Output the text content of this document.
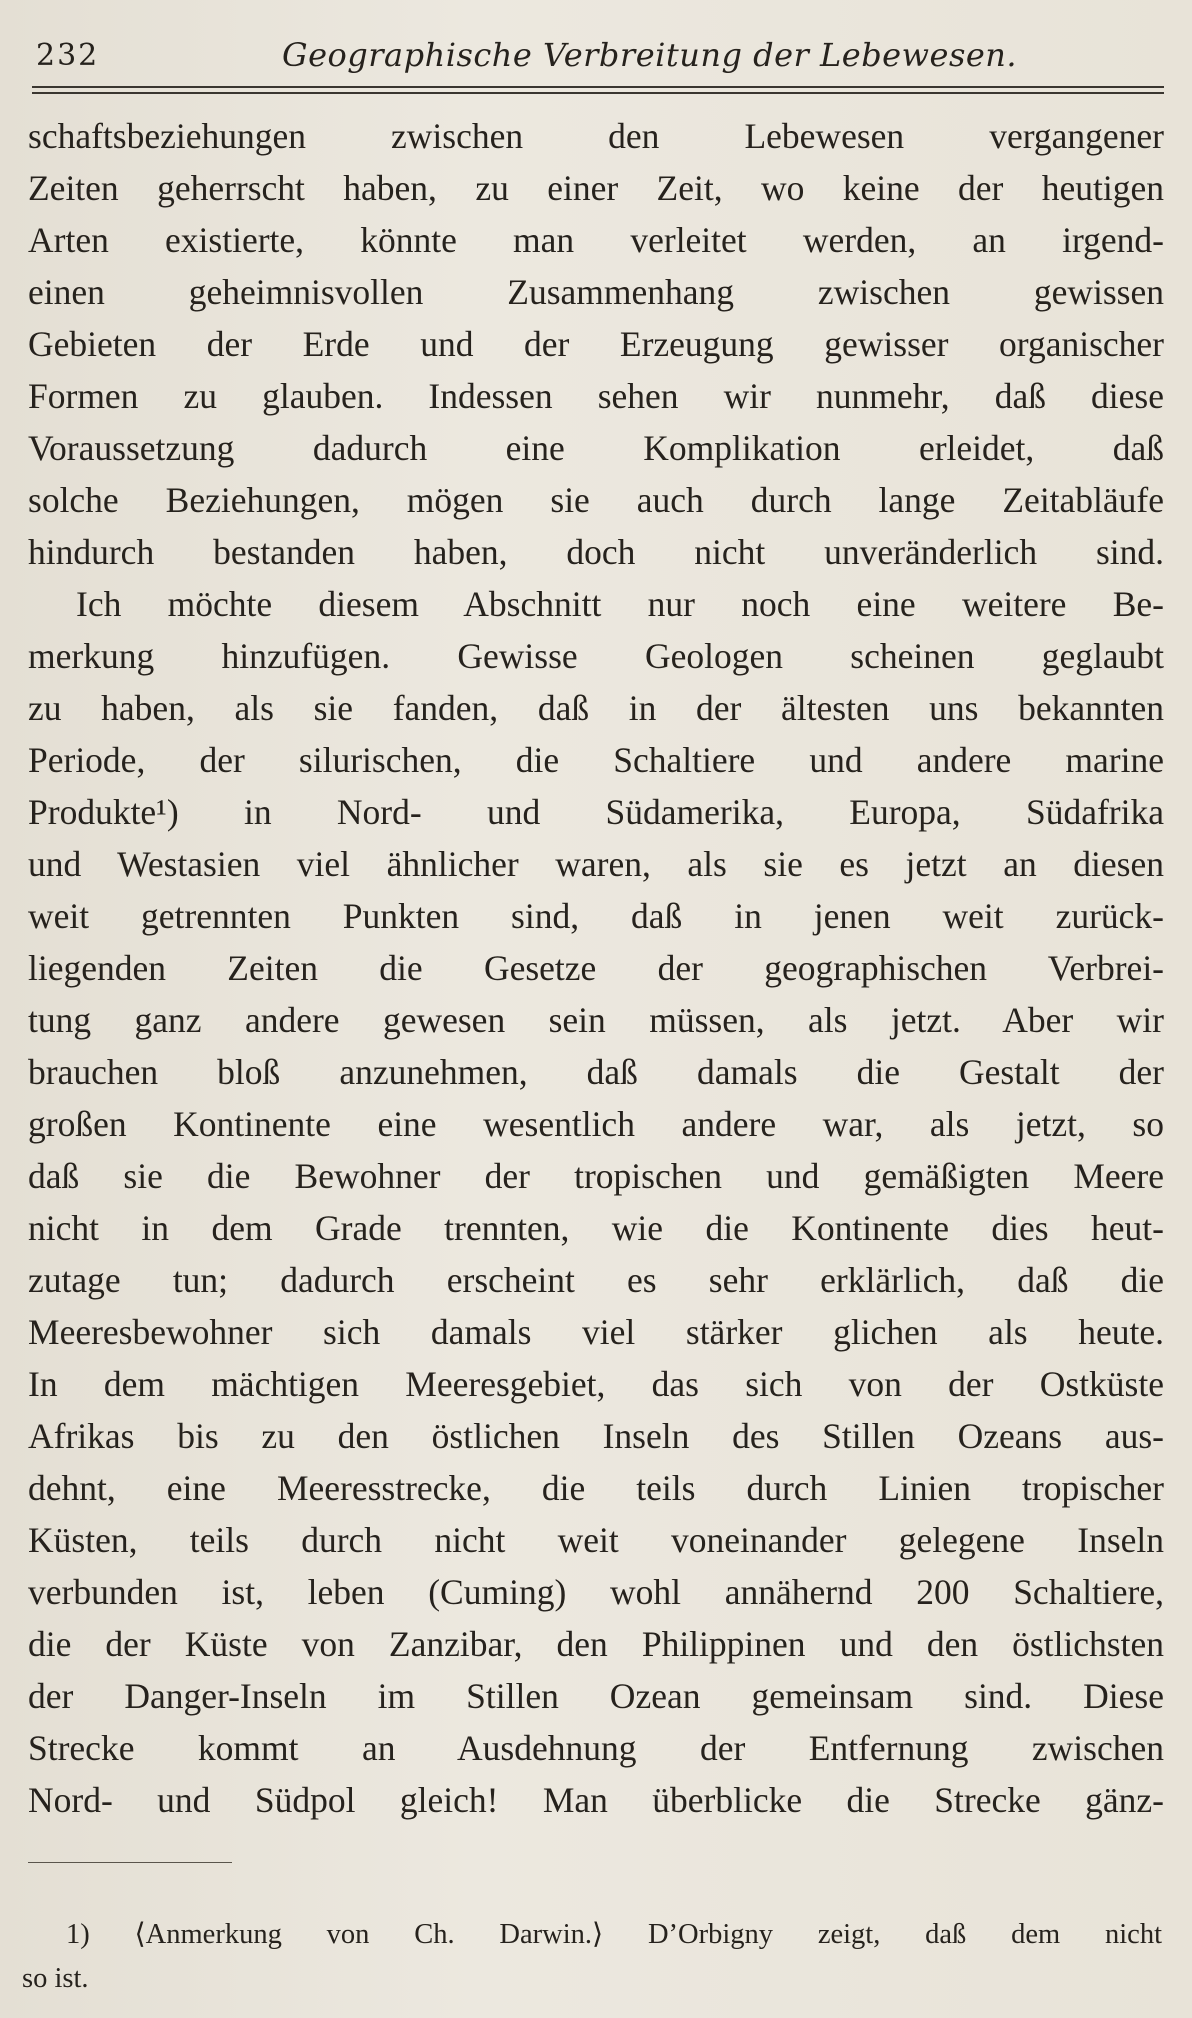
232	Geographische Verbreitung der Lebewesen.
schaftsbeziehungen zwischen den Lebewesen vergangener
Zeiten geherrscht haben, zu einer Zeit, wo keine der heutigen
Arten existierte, könnte man verleitet werden, an irgend-
einen geheimnisvollen Zusammenhang zwischen gewissen
Gebieten der Erde und der Erzeugung gewisser organischer
Formen zu glauben. Indessen sehen wir nunmehr, daß diese
Voraussetzung dadurch eine Komplikation erleidet, daß
solche Beziehungen, mögen sie auch durch lange Zeitabläufe
hindurch bestanden haben, doch nicht unveränderlich sind.
Ich möchte diesem Abschnitt nur noch eine weitere Be-
merkung hinzufügen. Gewisse Geologen scheinen geglaubt
zu haben, als sie fanden, daß in der ältesten uns bekannten
Periode, der silurischen, die Schaltiere und andere marine
Produkte¹) in Nord- und Südamerika, Europa, Südafrika
und Westasien viel ähnlicher waren, als sie es jetzt an diesen
weit getrennten Punkten sind, daß in jenen weit zurück-
liegenden Zeiten die Gesetze der geographischen Verbrei-
tung ganz andere gewesen sein müssen, als jetzt. Aber wir
brauchen bloß anzunehmen, daß damals die Gestalt der
großen Kontinente eine wesentlich andere war, als jetzt, so
daß sie die Bewohner der tropischen und gemäßigten Meere
nicht in dem Grade trennten, wie die Kontinente dies heut-
zutage tun; dadurch erscheint es sehr erklärlich, daß die
Meeresbewohner sich damals viel stärker glichen als heute.
In dem mächtigen Meeresgebiet, das sich von der Ostküste
Afrikas bis zu den östlichen Inseln des Stillen Ozeans aus-
dehnt, eine Meeresstrecke, die teils durch Linien tropischer
Küsten, teils durch nicht weit voneinander gelegene Inseln
verbunden ist, leben (Cuming) wohl annähernd 200 Schaltiere,
die der Küste von Zanzibar, den Philippinen und den östlichsten
der Danger-Inseln im Stillen Ozean gemeinsam sind. Diese
Strecke kommt an Ausdehnung der Entfernung zwischen
Nord- und Südpol gleich! Man überblicke die Strecke gänz-
1) ⟨Anmerkung von Ch. Darwin.⟩ D’Orbigny zeigt, daß dem nicht
so ist.
